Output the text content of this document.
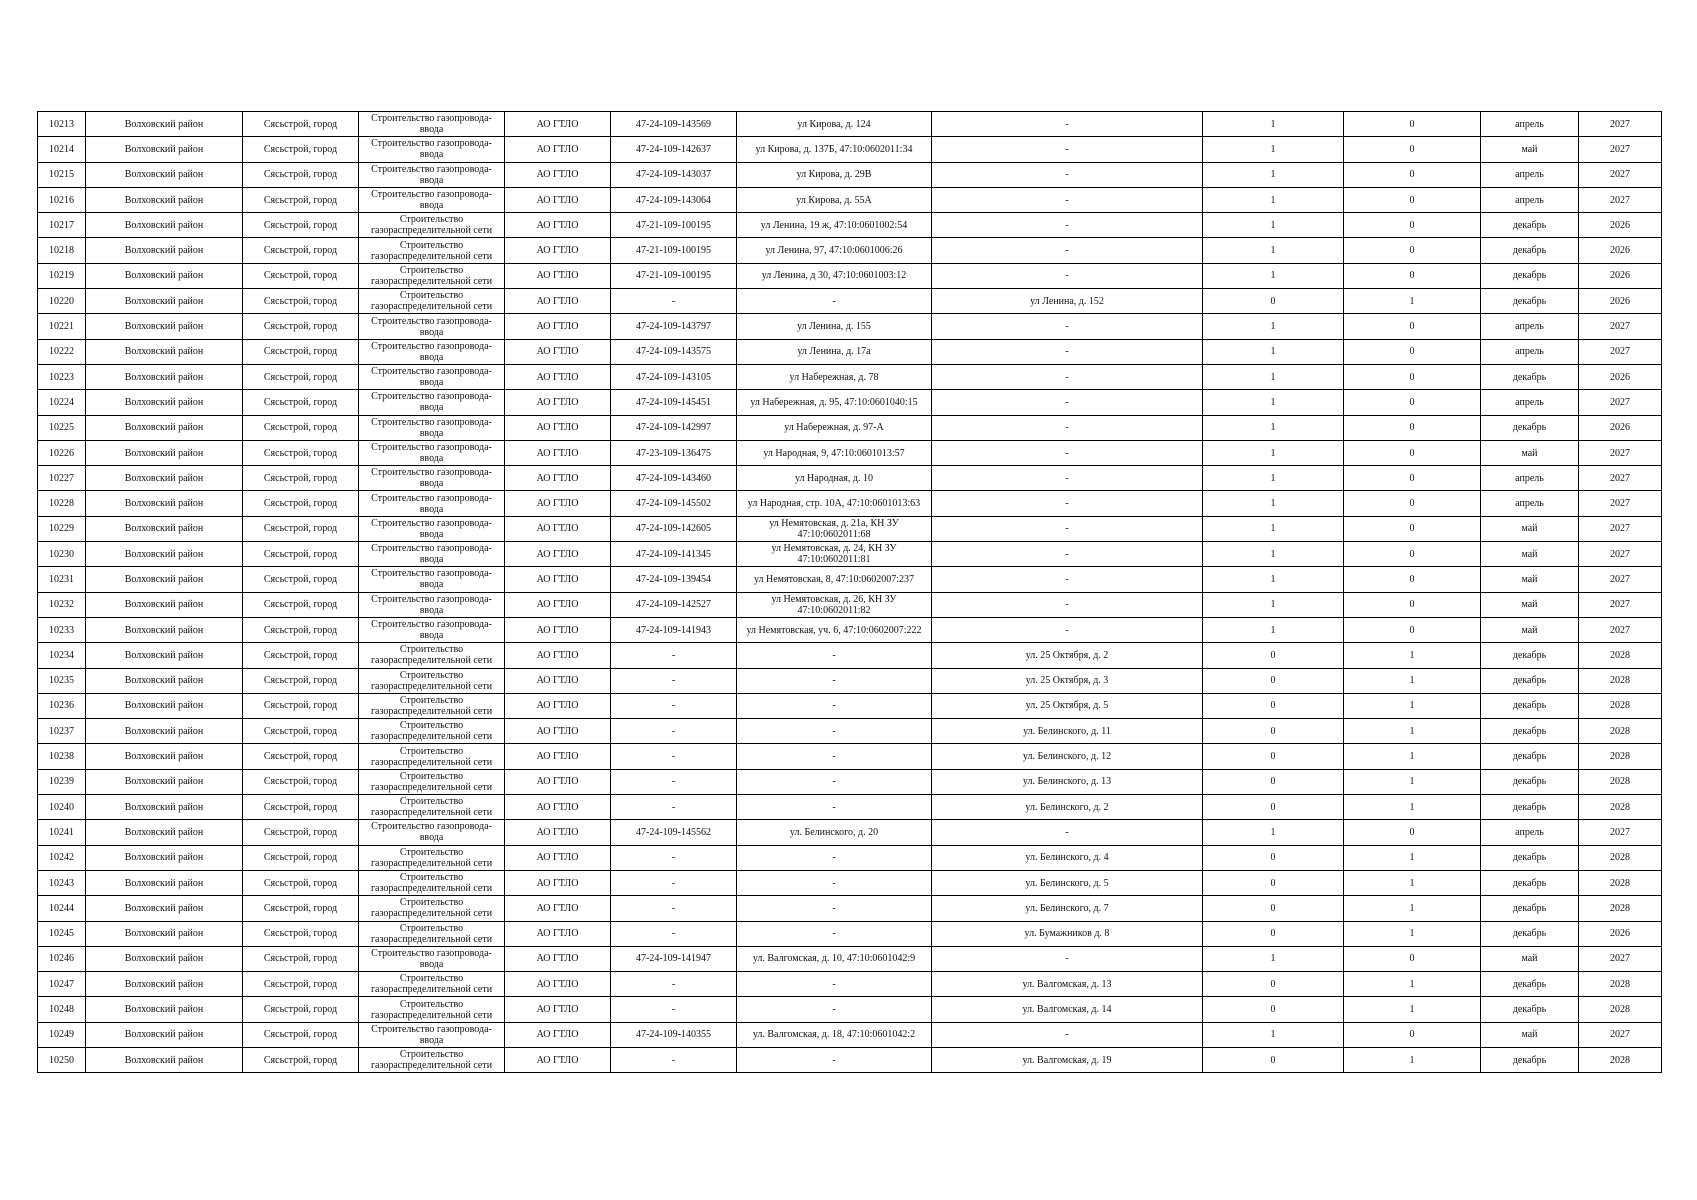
10213	Волховский район	Сясьстрой, город	Строительство газопровода-ввода	АО ГТЛО	47-24-109-143569	ул Кирова, д. 124	-	1	0	апрель	2027
10214	Волховский район	Сясьстрой, город	Строительство газопровода-ввода	АО ГТЛО	47-24-109-142637	ул Кирова, д. 137Б, 47:10:0602011:34	-	1	0	май	2027
10215	Волховский район	Сясьстрой, город	Строительство газопровода-ввода	АО ГТЛО	47-24-109-143037	ул Кирова, д. 29В	-	1	0	апрель	2027
10216	Волховский район	Сясьстрой, город	Строительство газопровода-ввода	АО ГТЛО	47-24-109-143064	ул Кирова, д. 55А	-	1	0	апрель	2027
10217	Волховский район	Сясьстрой, город	Строительство газораспределительной сети	АО ГТЛО	47-21-109-100195	ул Ленина, 19 ж, 47:10:0601002:54	-	1	0	декабрь	2026
10218	Волховский район	Сясьстрой, город	Строительство газораспределительной сети	АО ГТЛО	47-21-109-100195	ул Ленина, 97, 47:10:0601006:26	-	1	0	декабрь	2026
10219	Волховский район	Сясьстрой, город	Строительство газораспределительной сети	АО ГТЛО	47-21-109-100195	ул Ленина, д 30, 47:10:0601003:12	-	1	0	декабрь	2026
10220	Волховский район	Сясьстрой, город	Строительство газораспределительной сети	АО ГТЛО	-	-	ул Ленина, д. 152	0	1	декабрь	2026
10221	Волховский район	Сясьстрой, город	Строительство газопровода-ввода	АО ГТЛО	47-24-109-143797	ул Ленина, д. 155	-	1	0	апрель	2027
10222	Волховский район	Сясьстрой, город	Строительство газопровода-ввода	АО ГТЛО	47-24-109-143575	ул Ленина, д. 17а	-	1	0	апрель	2027
10223	Волховский район	Сясьстрой, город	Строительство газопровода-ввода	АО ГТЛО	47-24-109-143105	ул Набережная, д. 78	-	1	0	декабрь	2026
10224	Волховский район	Сясьстрой, город	Строительство газопровода-ввода	АО ГТЛО	47-24-109-145451	ул Набережная, д. 95, 47:10:0601040:15	-	1	0	апрель	2027
10225	Волховский район	Сясьстрой, город	Строительство газопровода-ввода	АО ГТЛО	47-24-109-142997	ул Набережная, д. 97-А	-	1	0	декабрь	2026
10226	Волховский район	Сясьстрой, город	Строительство газопровода-ввода	АО ГТЛО	47-23-109-136475	ул Народная, 9, 47:10:0601013:57	-	1	0	май	2027
10227	Волховский район	Сясьстрой, город	Строительство газопровода-ввода	АО ГТЛО	47-24-109-143460	ул Народная, д. 10	-	1	0	апрель	2027
10228	Волховский район	Сясьстрой, город	Строительство газопровода-ввода	АО ГТЛО	47-24-109-145502	ул Народная, стр. 10А, 47:10:0601013:63	-	1	0	апрель	2027
10229	Волховский район	Сясьстрой, город	Строительство газопровода-ввода	АО ГТЛО	47-24-109-142605	ул Немятовская, д. 21а, КН ЗУ 47:10:0602011:68	-	1	0	май	2027
10230	Волховский район	Сясьстрой, город	Строительство газопровода-ввода	АО ГТЛО	47-24-109-141345	ул Немятовская, д. 24, КН ЗУ 47:10:0602011:81	-	1	0	май	2027
10231	Волховский район	Сясьстрой, город	Строительство газопровода-ввода	АО ГТЛО	47-24-109-139454	ул Немятовская, 8, 47:10:0602007:237	-	1	0	май	2027
10232	Волховский район	Сясьстрой, город	Строительство газопровода-ввода	АО ГТЛО	47-24-109-142527	ул Немятовская, д. 26, КН ЗУ 47:10:0602011:82	-	1	0	май	2027
10233	Волховский район	Сясьстрой, город	Строительство газопровода-ввода	АО ГТЛО	47-24-109-141943	ул Немятовская, уч. 6, 47:10:0602007:222	-	1	0	май	2027
10234	Волховский район	Сясьстрой, город	Строительство газораспределительной сети	АО ГТЛО	-	-	ул. 25 Октября, д. 2	0	1	декабрь	2028
10235	Волховский район	Сясьстрой, город	Строительство газораспределительной сети	АО ГТЛО	-	-	ул. 25 Октября, д. 3	0	1	декабрь	2028
10236	Волховский район	Сясьстрой, город	Строительство газораспределительной сети	АО ГТЛО	-	-	ул. 25 Октября, д. 5	0	1	декабрь	2028
10237	Волховский район	Сясьстрой, город	Строительство газораспределительной сети	АО ГТЛО	-	-	ул. Белинского, д. 11	0	1	декабрь	2028
10238	Волховский район	Сясьстрой, город	Строительство газораспределительной сети	АО ГТЛО	-	-	ул. Белинского, д. 12	0	1	декабрь	2028
10239	Волховский район	Сясьстрой, город	Строительство газораспределительной сети	АО ГТЛО	-	-	ул. Белинского, д. 13	0	1	декабрь	2028
10240	Волховский район	Сясьстрой, город	Строительство газораспределительной сети	АО ГТЛО	-	-	ул. Белинского, д. 2	0	1	декабрь	2028
10241	Волховский район	Сясьстрой, город	Строительство газопровода-ввода	АО ГТЛО	47-24-109-145562	ул. Белинского, д. 20	-	1	0	апрель	2027
10242	Волховский район	Сясьстрой, город	Строительство газораспределительной сети	АО ГТЛО	-	-	ул. Белинского, д. 4	0	1	декабрь	2028
10243	Волховский район	Сясьстрой, город	Строительство газораспределительной сети	АО ГТЛО	-	-	ул. Белинского, д. 5	0	1	декабрь	2028
10244	Волховский район	Сясьстрой, город	Строительство газораспределительной сети	АО ГТЛО	-	-	ул. Белинского, д. 7	0	1	декабрь	2028
10245	Волховский район	Сясьстрой, город	Строительство газораспределительной сети	АО ГТЛО	-	-	ул. Бумажников д. 8	0	1	декабрь	2026
10246	Волховский район	Сясьстрой, город	Строительство газопровода-ввода	АО ГТЛО	47-24-109-141947	ул. Валгомская, д. 10, 47:10:0601042:9	-	1	0	май	2027
10247	Волховский район	Сясьстрой, город	Строительство газораспределительной сети	АО ГТЛО	-	-	ул. Валгомская, д. 13	0	1	декабрь	2028
10248	Волховский район	Сясьстрой, город	Строительство газораспределительной сети	АО ГТЛО	-	-	ул. Валгомская, д. 14	0	1	декабрь	2028
10249	Волховский район	Сясьстрой, город	Строительство газопровода-ввода	АО ГТЛО	47-24-109-140355	ул. Валгомская, д. 18, 47:10:0601042:2	-	1	0	май	2027
10250	Волховский район	Сясьстрой, город	Строительство газораспределительной сети	АО ГТЛО	-	-	ул. Валгомская, д. 19	0	1	декабрь	2028
